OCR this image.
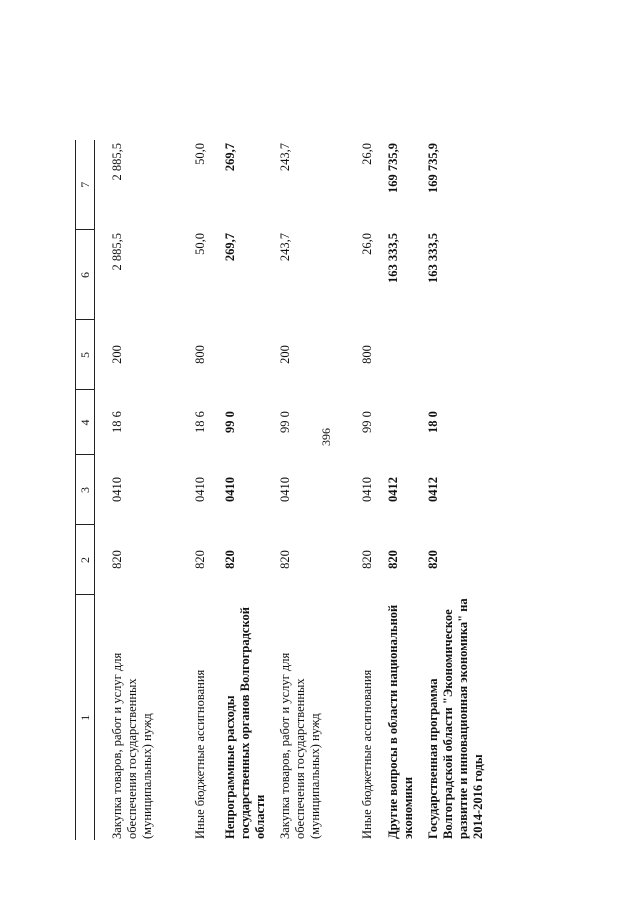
396
1	2	3	4	5	6	7
Закупка товаров, работ и услуг для обеспечения государственных (муниципальных) нужд	820	0410	18 6	200	2 885,5	2 885,5
Иные бюджетные ассигнования	820	0410	18 6	800	50,0	50,0
Непрограммные расходы государственных органов Волгоградской области	820	0410	99 0		269,7	269,7
Закупка товаров, работ и услуг для обеспечения государственных (муниципальных) нужд	820	0410	99 0	200	243,7	243,7
Иные бюджетные ассигнования	820	0410	99 0	800	26,0	26,0
Другие вопросы в области национальной экономики	820	0412			163 333,5	169 735,9
Государственная программа Волгоградской области "Экономическое развитие и инновационная экономика" на 2014-2016 годы	820	0412	18 0		163 333,5	169 735,9
